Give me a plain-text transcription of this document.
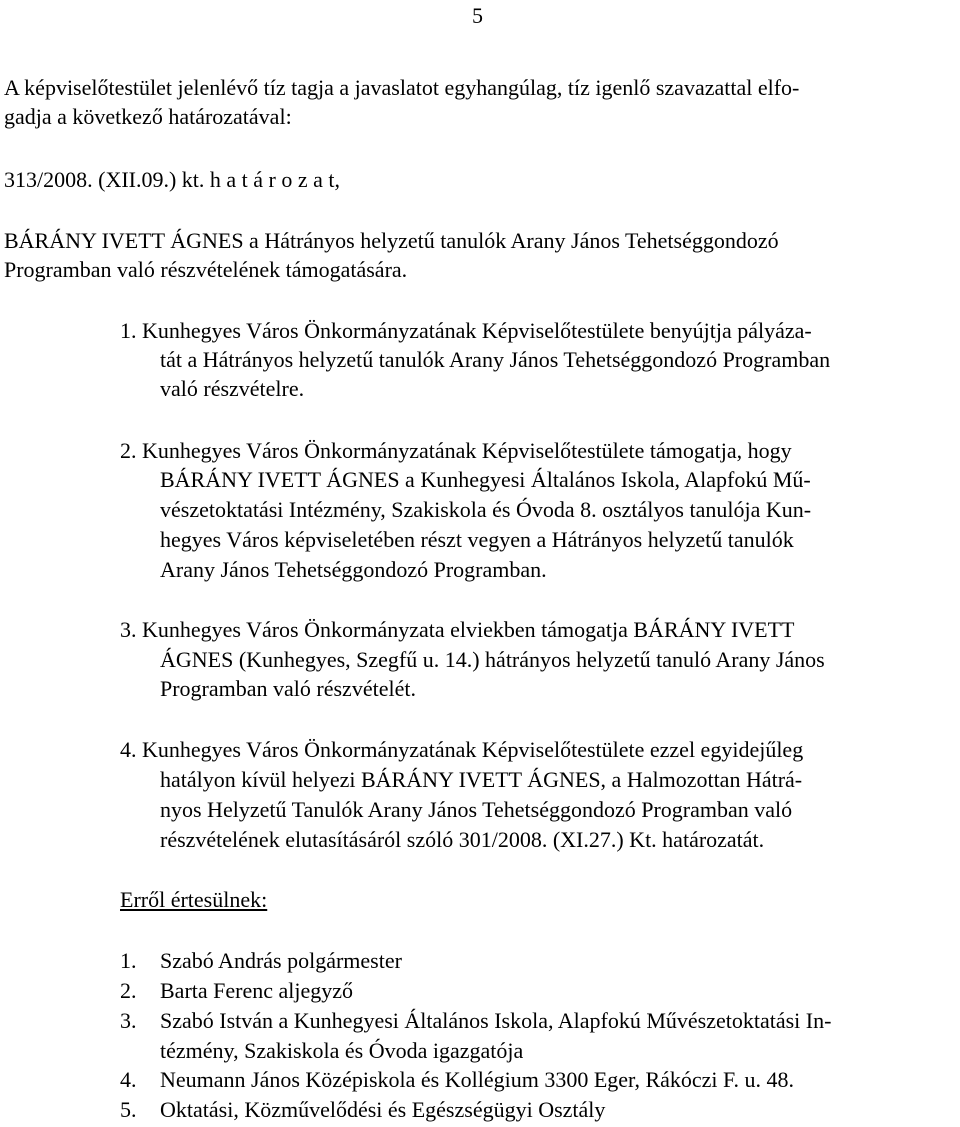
5
A képviselőtestület jelenlévő tíz tagja a javaslatot egyhangúlag, tíz igenlő szavazattal elfo-
gadja a következő határozatával:
313/2008. (XII.09.) kt. h a t á r o z a t,
BÁRÁNY IVETT ÁGNES a Hátrányos helyzetű tanulók Arany János Tehetséggondozó
Programban való részvételének támogatására.
1. Kunhegyes Város Önkormányzatának Képviselőtestülete benyújtja pályáza-
tát a Hátrányos helyzetű tanulók Arany János Tehetséggondozó Programban
való részvételre.
2. Kunhegyes Város Önkormányzatának Képviselőtestülete támogatja, hogy
BÁRÁNY IVETT ÁGNES a Kunhegyesi Általános Iskola, Alapfokú Mű-
vészetoktatási Intézmény, Szakiskola és Óvoda 8. osztályos tanulója Kun-
hegyes Város képviseletében részt vegyen a Hátrányos helyzetű tanulók
Arany János Tehetséggondozó Programban.
3. Kunhegyes Város Önkormányzata elviekben támogatja BÁRÁNY IVETT
ÁGNES (Kunhegyes, Szegfű u. 14.) hátrányos helyzetű tanuló Arany János
Programban való részvételét.
4. Kunhegyes Város Önkormányzatának Képviselőtestülete ezzel egyidejűleg
hatályon kívül helyezi BÁRÁNY IVETT ÁGNES, a Halmozottan Hátrá-
nyos Helyzetű Tanulók Arany János Tehetséggondozó Programban való
részvételének elutasításáról szóló 301/2008. (XI.27.) Kt. határozatát.
Erről értesülnek:
1. Szabó András polgármester
2. Barta Ferenc aljegyző
3. Szabó István a Kunhegyesi Általános Iskola, Alapfokú Művészetoktatási In-
tézmény, Szakiskola és Óvoda igazgatója
4. Neumann János Középiskola és Kollégium 3300 Eger, Rákóczi F. u. 48.
5. Oktatási, Közművelődési és Egészségügyi Osztály
